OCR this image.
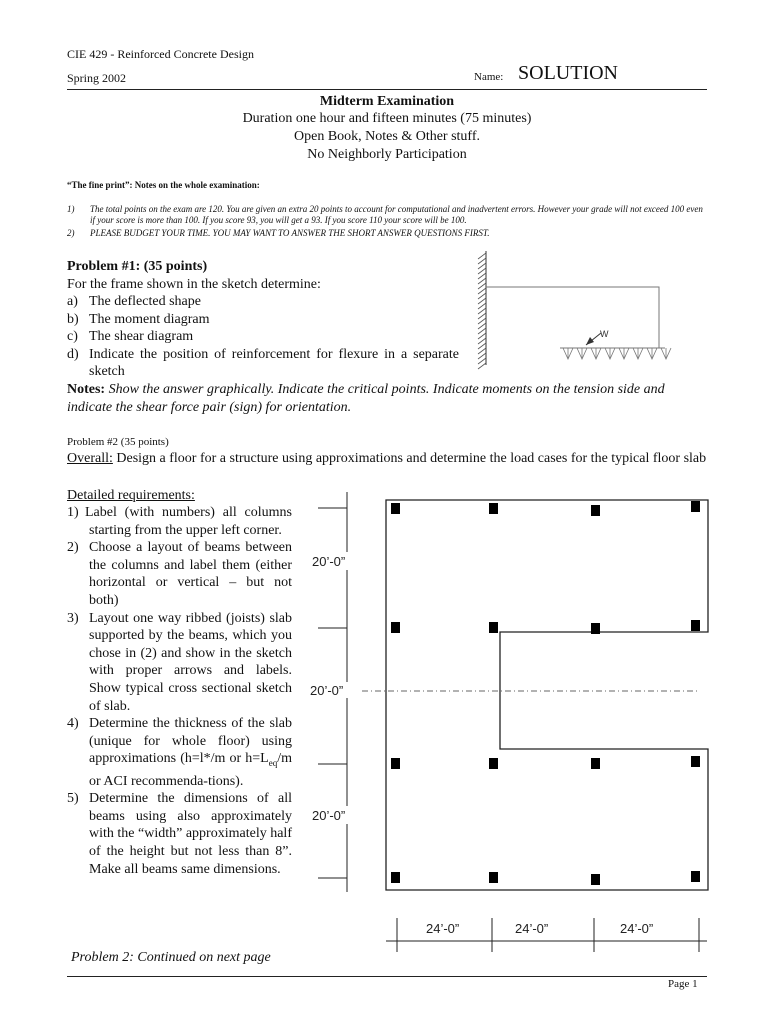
CIE 429 - Reinforced Concrete Design
Spring 2002	Name: SOLUTION
Midterm Examination
Duration one hour and fifteen minutes (75 minutes)
Open Book, Notes & Other stuff.
No Neighborly Participation
“The fine print”: Notes on the whole examination:
1) The total points on the exam are 120. You are given an extra 20 points to account for computational and inadvertent errors. However your grade will not exceed 100 even if your score is more than 100. If you score 93, you will get a 93. If you score 110 your score will be 100.
2) PLEASE BUDGET YOUR TIME. YOU MAY WANT TO ANSWER THE SHORT ANSWER QUESTIONS FIRST.
Problem #1: (35 points)
For the frame shown in the sketch determine:
a) The deflected shape
b) The moment diagram
c) The shear diagram
d) Indicate the position of reinforcement for flexure in a separate sketch
Notes: Show the answer graphically. Indicate the critical points. Indicate moments on the tension side and indicate the shear force pair (sign) for orientation.
W
Problem #2 (35 points)
Overall: Design a floor for a structure using approximations and determine the load cases for the typical floor slab
Detailed requirements:
1) Label (with numbers) all columns starting from the upper left corner.
2) Choose a layout of beams between the columns and label them (either horizontal or vertical – but not both)
3) Layout one way ribbed (joists) slab supported by the beams, which you chose in (2) and show in the sketch with proper arrows and labels. Show typical cross sectional sketch of slab.
4) Determine the thickness of the slab (unique for whole floor) using approximations (h=l*/m or $h=L_{eq}/m$ or ACI recommenda-tions).
5) Determine the dimensions of all beams using also approximately with the “width” approximately half of the height but not less than 8”. Make all beams same dimensions.
Problem 2: Continued on next page
20’-0”
20’-0”
20’-0”
24’-0”	24’-0”	24’-0”
Page 1
